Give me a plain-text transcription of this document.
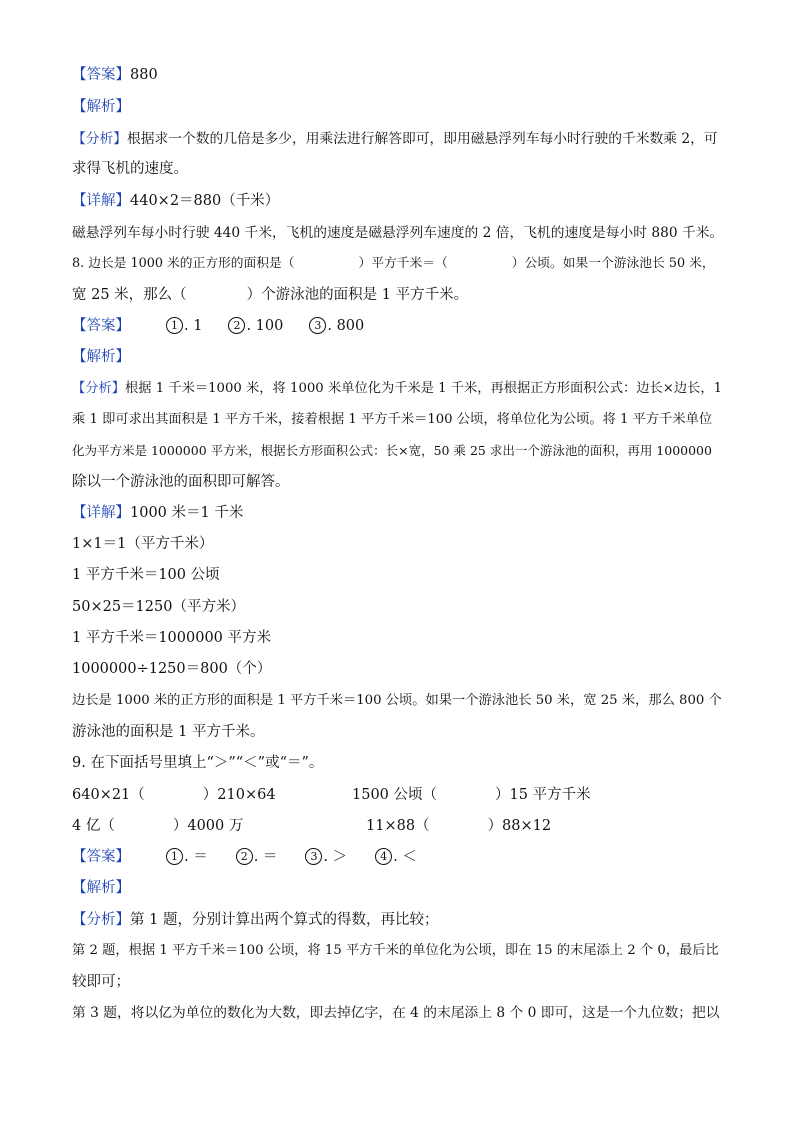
【答案】880
【解析】
【分析】根据求一个数的几倍是多少，用乘法进行解答即可，即用磁悬浮列车每小时行驶的千米数乘 2，可
求得飞机的速度。
【详解】440×2＝880（千米）
磁悬浮列车每小时行驶 440 千米，飞机的速度是磁悬浮列车速度的 2 倍，飞机的速度是每小时 880 千米。
8. 边长是 1000 米的正方形的面积是（	）平方千米＝（	）公顷。如果一个游泳池长 50 米，
宽 25 米，那么（	）个游泳池的面积是 1 平方千米。
【答案】	1 . 1	2 . 100	3 . 800
【解析】
【分析】根据 1 千米＝1000 米，将 1000 米单位化为千米是 1 千米，再根据正方形面积公式：边长×边长，1
乘 1 即可求出其面积是 1 平方千米，接着根据 1 平方千米＝100 公顷，将单位化为公顷。将 1 平方千米单位
化为平方米是 1000000 平方米，根据长方形面积公式：长×宽，50 乘 25 求出一个游泳池的面积，再用 1000000
除以一个游泳池的面积即可解答。
【详解】1000 米＝1 千米
1×1＝1（平方千米）
1 平方千米＝100 公顷
50×25＝1250（平方米）
1 平方千米＝1000000 平方米
1000000÷1250＝800（个）
边长是 1000 米的正方形的面积是 1 平方千米＝100 公顷。如果一个游泳池长 50 米，宽 25 米，那么 800 个
游泳池的面积是 1 平方千米。
9. 在下面括号里填上“＞”“＜”或“＝”。
640×21（	）210×64	1500 公顷（	）15 平方千米
4 亿（	）4000 万	11×88（	）88×12
【答案】	1 . ＝	2 . ＝	3 . ＞	4 . ＜
【解析】
【分析】第 1 题，分别计算出两个算式的得数，再比较；
第 2 题，根据 1 平方千米＝100 公顷，将 15 平方千米的单位化为公顷，即在 15 的末尾添上 2 个 0，最后比
较即可；
第 3 题，将以亿为单位的数化为大数，即去掉亿字，在 4 的末尾添上 8 个 0 即可，这是一个九位数；把以
